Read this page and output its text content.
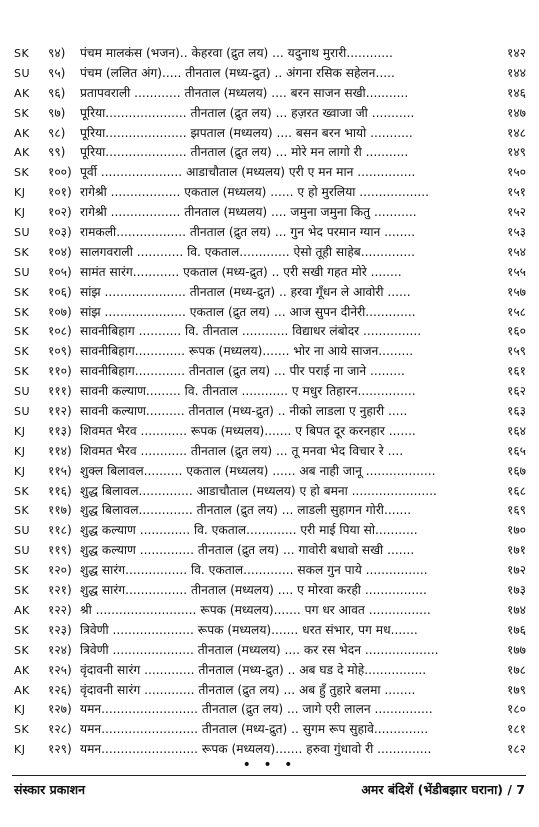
SK ९४) पंचम मालकंस (भजन).. केहरवा (द्रुत लय) ... यदुनाथ मुरारी............	१४२
SU ९५) पंचम (ललित अंग)..... तीनताल (मध्य-द्रुत) .. अंगना रसिक सहेलन.....	१४४
AK ९६) प्रतापवराली ............ तीनताल (मध्यलय) .... बरन साजन सखी...........	१४६
SK ९७) पूरिया..................... तीनताल (द्रुत लय) ... हज़रत ख्वाजा जी ...........	१४७
AK ९८) पूरिया..................... झपताल (मध्यलय) .... बसन बरन भायो ...........	१४८
AK ९९) पूरिया..................... तीनताल (द्रुत लय) ... मोरे मन लागो री ...........	१४९
SK १००) पूर्वी ..................... आडाचौताल (मध्यलय) एरी ए मन मान ...............	१५०
KJ १०१) रागेश्री .................. एकताल (मध्यलय) ...... ए हो मुरलिया ..................	१५१
KJ १०२) रागेश्री .................. तीनताल (मध्यलय) .... जमुना जमुना कितु ...........	१५२
SU १०३) रामकली.................. तीनताल (द्रुत लय) ... गुन भेद परमान ग्यान ........	१५३
SK १०४) सालगवराली ............ वि. एकताल............. ऐसो तूही साहेब..............	१५४
SU १०५) सामंत सारंग............ एकताल (मध्य-द्रुत) .. एरी सखी गहत मोरे ........	१५५
SK १०६) सांझ ..................... तीनताल (मध्य-द्रुत) .. हरवा गूँधन ले आवोरी ......	१५७
SK १०७) सांझ ..................... एकताल (द्रुत लय) ... आज सुपन दीनेरी.............	१५८
SK १०८) सावनीबिहाग ........... वि. तीनताल ............ विद्याधर लंबोदर ...............	१६०
SK १०९) सावनीबिहाग............. रूपक (मध्यलय)....... भोर ना आये साजन.........	१५९
SK ११०) सावनीबिहाग............. तीनताल (द्रुत लय) ... पीर पराई ना जाने .........	१६१
SU १११) सावनी कल्याण......... वि. तीनताल ............ ए मधुर तिहारन...............	१६२
SU ११२) सावनी कल्याण.......... तीनताल (मध्य-द्रुत) .. नीको लाडला ए नुहारी .....	१६३
KJ ११३) शिवमत भैरव ............ रूपक (मध्यलय)....... ए बिपत दूर करनहार .......	१६४
KJ ११४) शिवमत भैरव ............ तीनताल (द्रुत लय) ... तू मनवा भेद विचार रे ....	१६५
KJ ११५) शुक्ल बिलावल.......... एकताल (मध्यलय) ...... अब नाही जानू ..................	१६७
SK ११६) शुद्ध बिलावल.............. आडाचौताल (मध्यलय) ए हो बमना ......................	१६८
SK ११७) शुद्ध बिलावल.............. तीनताल (द्रुत लय) ... लाडली सुहागन गोरी.......	१६९
SU ११८) शुद्ध कल्याण ............. वि. एकताल............. एरी माई पिया सो...........	१७०
SU ११९) शुद्ध कल्याण .............. तीनताल (द्रुत लय) ... गावोरी बधावो सखी .......	१७१
SK १२०) शुद्ध सारंग................ वि. एकताल............. सकल गुन पाये ................	१७२
SK १२१) शुद्ध सारंग................ तीनताल (मध्यलय) .... ए मोरवा करही ................	१७३
AK १२२) श्री .......................... रूपक (मध्यलय)....... पग धर आवत ................	१७४
SK १२३) त्रिवेणी ..................... रूपक (मध्यलय)....... धरत संभार, पग मध.......	१७६
SK १२४) त्रिवेणी ..................... तीनताल (मध्यलय) .... कर रस भेदन ...................	१७७
AK १२५) वृंदावनी सारंग ............. तीनताल (मध्य-द्रुत) .. अब घड दे मोहे................	१७८
AK १२६) वृंदावनी सारंग ............. तीनताल (द्रुत लय) ... अब हुँ तुहारे बलमा ........	१७९
KJ १२७) यमन......................... तीनताल (द्रुत लय) ... जागे एरी लालन ...............	१८०
SK १२८) यमन......................... तीनताल (मध्य-द्रुत) .. सुगम रूप सुहावे..............	१८१
KJ १२९) यमन......................... रूपक (मध्यलय)....... हरुवा गुंधावो री ..............	१८२
• • •
संस्कार प्रकाशन	अमर बंदिशें (भेंडीबझार घराना) / 7
